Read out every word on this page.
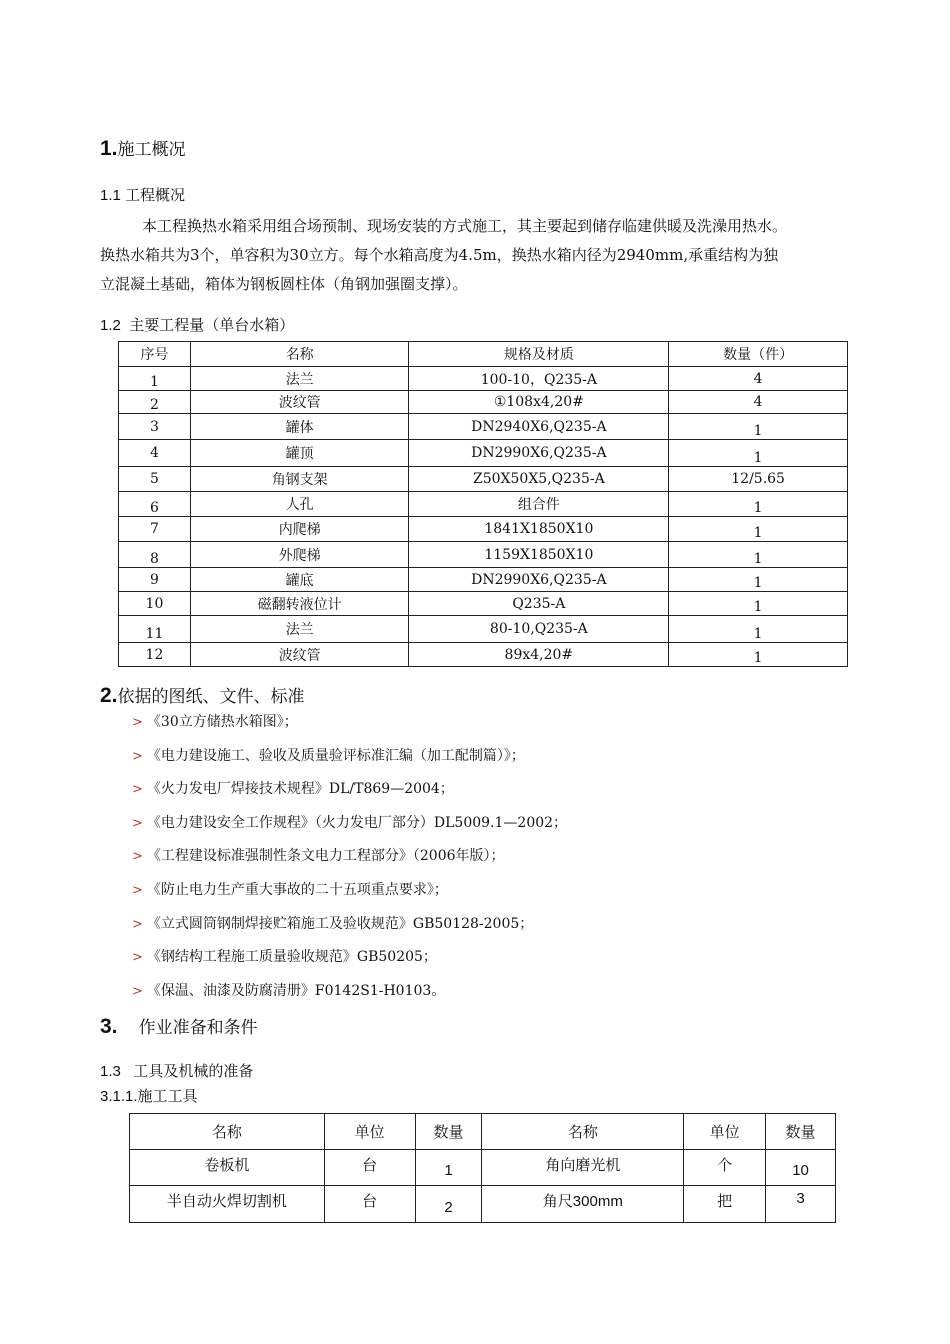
1.施工概况
1.1 工程概况
本工程换热水箱采用组合场预制、现场安装的方式施工，其主要起到储存临建供暖及洗澡用热水。
换热水箱共为3个，单容积为30立方。每个水箱高度为4.5m，换热水箱内径为2940mm,承重结构为独
立混凝土基础，箱体为钢板圆柱体（角钢加强圈支撑）。
1.2 主要工程量（单台水箱）
序号	名称	规格及材质	数量（件）
1	法兰	100-10，Q235-A	4
2	波纹管	①108x4,20#	4
3	罐体	DN2940X6,Q235-A	1
4	罐顶	DN2990X6,Q235-A	1
5	角钢支架	Z50X50X5,Q235-A	12/5.65
6	人孔	组合件	1
7	内爬梯	1841X1850X10	1
8	外爬梯	1159X1850X10	1
9	罐底	DN2990X6,Q235-A	1
10	磁翻转液位计	Q235-A	1
11	法兰	80-10,Q235-A	1
12	波纹管	89x4,20#	1
2.依据的图纸、文件、标准
> 《30立方储热水箱图》；
> 《电力建设施工、验收及质量验评标准汇编（加工配制篇）》；
> 《火力发电厂焊接技术规程》DL/T869—2004；
> 《电力建设安全工作规程》（火力发电厂部分）DL5009.1—2002；
> 《工程建设标准强制性条文电力工程部分》（2006年版）；
> 《防止电力生产重大事故的二十五项重点要求》；
> 《立式圆筒钢制焊接贮箱施工及验收规范》GB50128-2005；
> 《钢结构工程施工质量验收规范》GB50205；
> 《保温、油漆及防腐清册》F0142S1-H0103。
3. 作业准备和条件
1.3 工具及机械的准备
3.1.1.施工工具
名称	单位	数量	名称	单位	数量
卷板机	台	1	角向磨光机	个	10
半自动火焊切割机	台	2	角尺300mm	把	3
